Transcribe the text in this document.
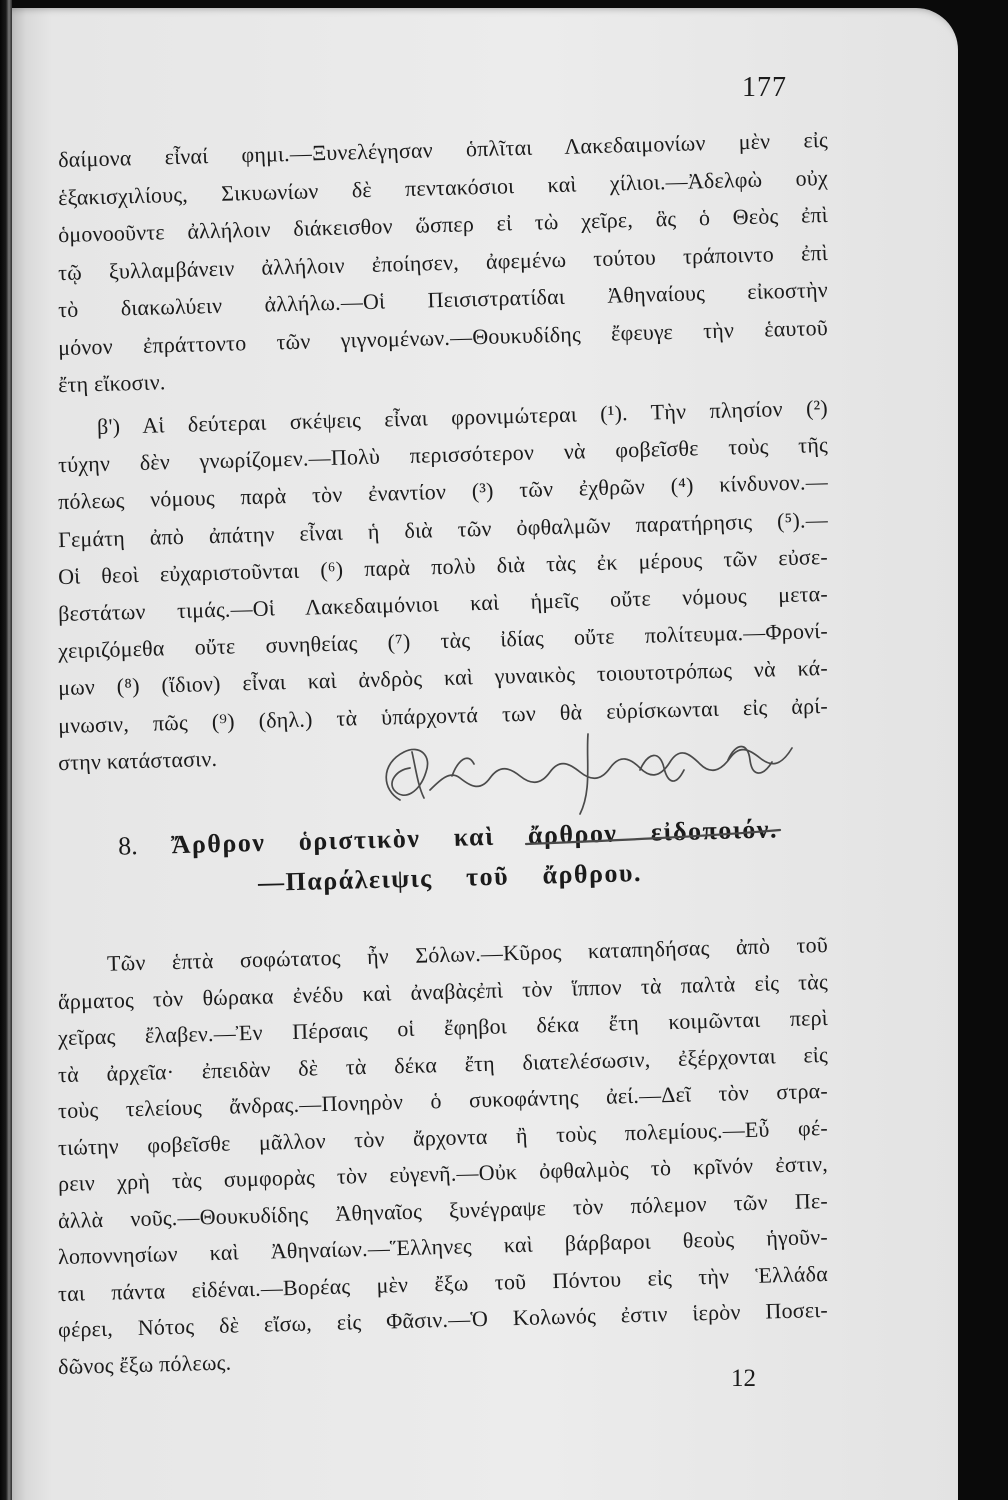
177
δαίμονα εἶναί φημι.—Ξυνελέγησαν ὁπλῖται Λακεδαιμονίων μὲν εἰς
ἑξακισχιλίους, Σικυωνίων δὲ πεντακόσιοι καὶ χίλιοι.—Ἀδελφὼ οὐχ
ὁμονοοῦντε ἀλλήλοιν διάκεισθον ὥσπερ εἰ τὼ χεῖρε, ἃς ὁ Θεὸς ἐπὶ
τῷ ξυλλαμβάνειν ἀλλήλοιν ἐποίησεν, ἀφεμένω τούτου τράποιντο ἐπὶ
τὸ διακωλύειν ἀλλήλω.—Οἱ Πεισιστρατίδαι Ἀθηναίους εἰκοστὴν
μόνον ἐπράττοντο τῶν γιγνομένων.—Θουκυδίδης ἔφευγε τὴν ἑαυτοῦ
ἔτη εἴκοσιν.
β') Αἱ δεύτεραι σκέψεις εἶναι φρονιμώτεραι (¹). Τὴν πλησίον (²)
τύχην δὲν γνωρίζομεν.—Πολὺ περισσότερον νὰ φοβεῖσθε τοὺς τῆς
πόλεως νόμους παρὰ τὸν ἐναντίον (³) τῶν ἐχθρῶν (⁴) κίνδυνον.—
Γεμάτη ἀπὸ ἀπάτην εἶναι ἡ διὰ τῶν ὀφθαλμῶν παρατήρησις (⁵).—
Οἱ θεοὶ εὐχαριστοῦνται (⁶) παρὰ πολὺ διὰ τὰς ἐκ μέρους τῶν εὐσε-
βεστάτων τιμάς.—Οἱ Λακεδαιμόνιοι καὶ ἡμεῖς οὔτε νόμους μετα-
χειριζόμεθα οὔτε συνηθείας (⁷) τὰς ἰδίας οὔτε πολίτευμα.—Φρονί-
μων (⁸) (ἴδιον) εἶναι καὶ ἀνδρὸς καὶ γυναικὸς τοιουτοτρόπως νὰ κά-
μνωσιν, πῶς (⁹) (δηλ.) τὰ ὑπάρχοντά των θὰ εὑρίσκωνται εἰς ἀρί-
στην κατάστασιν.
8. Ἄρθρον ὁριστικὸν καὶ ἄρθρον εἰδοποιόν.
—Παράλειψις τοῦ ἄρθρου.
Τῶν ἑπτὰ σοφώτατος ἦν Σόλων.—Κῦρος καταπηδήσας ἀπὸ τοῦ
ἅρματος τὸν θώρακα ἐνέδυ καὶ ἀναβὰςἐπὶ τὸν ἵππον τὰ παλτὰ εἰς τὰς
χεῖρας ἔλαβεν.—Ἐν Πέρσαις οἱ ἔφηβοι δέκα ἔτη κοιμῶνται περὶ
τὰ ἀρχεῖα· ἐπειδὰν δὲ τὰ δέκα ἔτη διατελέσωσιν, ἐξέρχονται εἰς
τοὺς τελείους ἄνδρας.—Πονηρὸν ὁ συκοφάντης ἀεί.—Δεῖ τὸν στρα-
τιώτην φοβεῖσθε μᾶλλον τὸν ἄρχοντα ἢ τοὺς πολεμίους.—Εὖ φέ-
ρειν χρὴ τὰς συμφορὰς τὸν εὐγενῆ.—Οὐκ ὀφθαλμὸς τὸ κρῖνόν ἐστιν,
ἀλλὰ νοῦς.—Θουκυδίδης Ἀθηναῖος ξυνέγραψε τὸν πόλεμον τῶν Πε-
λοποννησίων καὶ Ἀθηναίων.—Ἕλληνες καὶ βάρβαροι θεοὺς ἡγοῦν-
ται πάντα εἰδέναι.—Βορέας μὲν ἔξω τοῦ Πόντου εἰς τὴν Ἑλλάδα
φέρει, Νότος δὲ εἴσω, εἰς Φᾶσιν.—Ὁ Κολωνός ἐστιν ἱερὸν Ποσει-
δῶνος ἔξω πόλεως.	12
